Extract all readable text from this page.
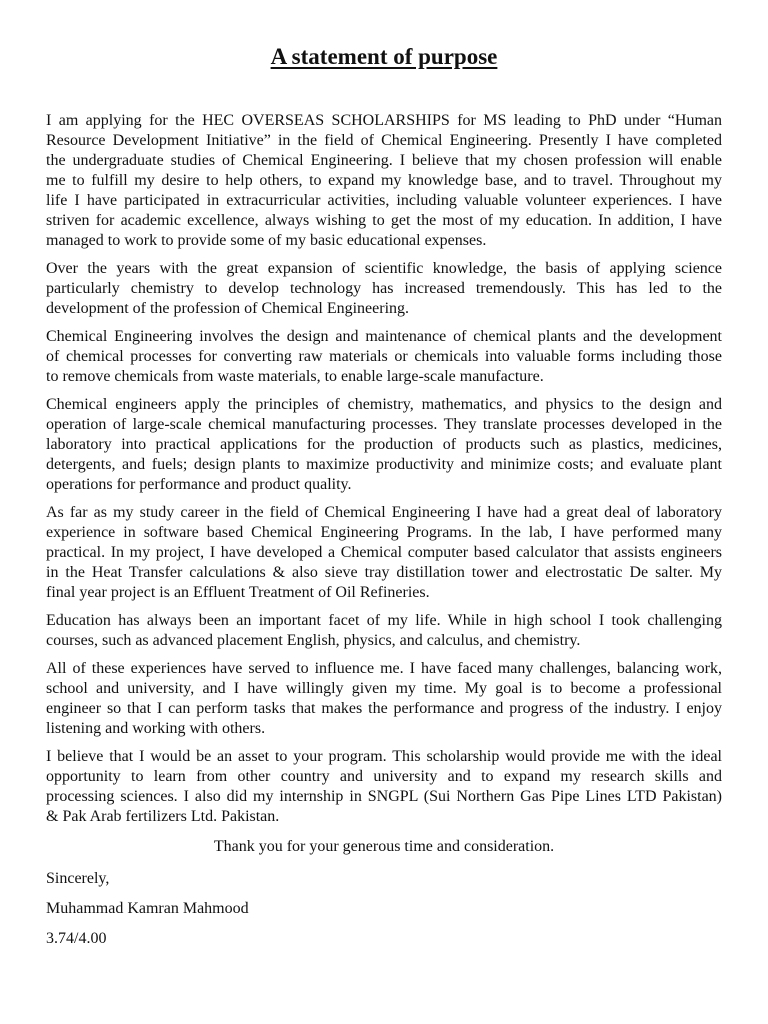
A statement of purpose
I am applying for the HEC OVERSEAS SCHOLARSHIPS for MS leading to PhD under “Human
Resource Development Initiative” in the field of Chemical Engineering. Presently I have completed
the undergraduate studies of Chemical Engineering. I believe that my chosen profession will enable
me to fulfill my desire to help others, to expand my knowledge base, and to travel. Throughout my
life I have participated in extracurricular activities, including valuable volunteer experiences. I have
striven for academic excellence, always wishing to get the most of my education. In addition, I have
managed to work to provide some of my basic educational expenses.
Over the years with the great expansion of scientific knowledge, the basis of applying science
particularly chemistry to develop technology has increased tremendously. This has led to the
development of the profession of Chemical Engineering.
Chemical Engineering involves the design and maintenance of chemical plants and the development
of chemical processes for converting raw materials or chemicals into valuable forms including those
to remove chemicals from waste materials, to enable large-scale manufacture.
Chemical engineers apply the principles of chemistry, mathematics, and physics to the design and
operation of large-scale chemical manufacturing processes. They translate processes developed in the
laboratory into practical applications for the production of products such as plastics, medicines,
detergents, and fuels; design plants to maximize productivity and minimize costs; and evaluate plant
operations for performance and product quality.
As far as my study career in the field of Chemical Engineering I have had a great deal of laboratory
experience in software based Chemical Engineering Programs. In the lab, I have performed many
practical. In my project, I have developed a Chemical computer based calculator that assists engineers
in the Heat Transfer calculations & also sieve tray distillation tower and electrostatic De salter. My
final year project is an Effluent Treatment of Oil Refineries.
Education has always been an important facet of my life. While in high school I took challenging
courses, such as advanced placement English, physics, and calculus, and chemistry.
All of these experiences have served to influence me. I have faced many challenges, balancing work,
school and university, and I have willingly given my time. My goal is to become a professional
engineer so that I can perform tasks that makes the performance and progress of the industry. I enjoy
listening and working with others.
I believe that I would be an asset to your program. This scholarship would provide me with the ideal
opportunity to learn from other country and university and to expand my research skills and
processing sciences. I also did my internship in SNGPL (Sui Northern Gas Pipe Lines LTD Pakistan)
& Pak Arab fertilizers Ltd. Pakistan.
Thank you for your generous time and consideration.
Sincerely,
Muhammad Kamran Mahmood
3.74/4.00
